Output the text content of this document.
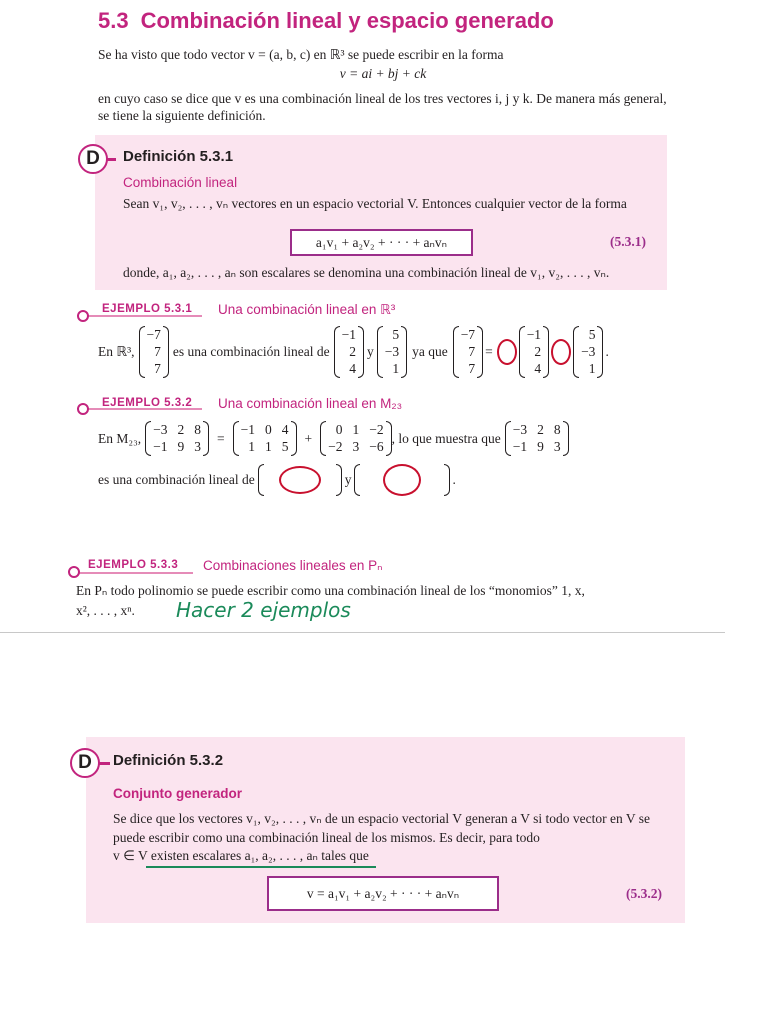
5.3 Combinación lineal y espacio generado
Se ha visto que todo vector v = (a, b, c) en ℝ³ se puede escribir en la forma
v = ai + bj + ck
en cuyo caso se dice que v es una combinación lineal de los tres vectores i, j y k. De manera más general, se tiene la siguiente definición.
D	Definición 5.3.1
Combinación lineal
Sean v₁, v₂, . . . , vₙ vectores en un espacio vectorial V. Entonces cualquier vector de la forma
a₁v₁ + a₂v₂ + · · · + aₙvₙ	(5.3.1)
donde, a₁, a₂, . . . , aₙ son escalares se denomina una combinación lineal de v₁, v₂, . . . , vₙ.
EJEMPLO 5.3.1 Una combinación lineal en ℝ³
En ℝ³,
−7
7
7
es una combinación lineal de
−1
2
4
y
5
−3
1
ya que
−7
7
7
=
−1
2
4
5
−3
1
.
EJEMPLO 5.3.2 Una combinación lineal en M₂₃
En M₂₃,
−3 2 8
−1 9 3
=
−1 0 4
1 1 5
+
0 1 −2
−2 3 −6
, lo que muestra que
−3 2 8
−1 9 3
es una combinación lineal de	y	.
EJEMPLO 5.3.3 Combinaciones lineales en Pₙ
En Pₙ todo polinomio se puede escribir como una combinación lineal de los “monomios” 1, x,
x², . . . , xⁿ. Hacer 2 ejemplos
D	Definición 5.3.2
Conjunto generador
Se dice que los vectores v₁, v₂, . . . , vₙ de un espacio vectorial V generan a V si todo vector en V se puede escribir como una combinación lineal de los mismos. Es decir, para todo
v ∈ V existen escalares a₁, a₂, . . . , aₙ tales que
v = a₁v₁ + a₂v₂ + · · · + aₙvₙ	(5.3.2)
